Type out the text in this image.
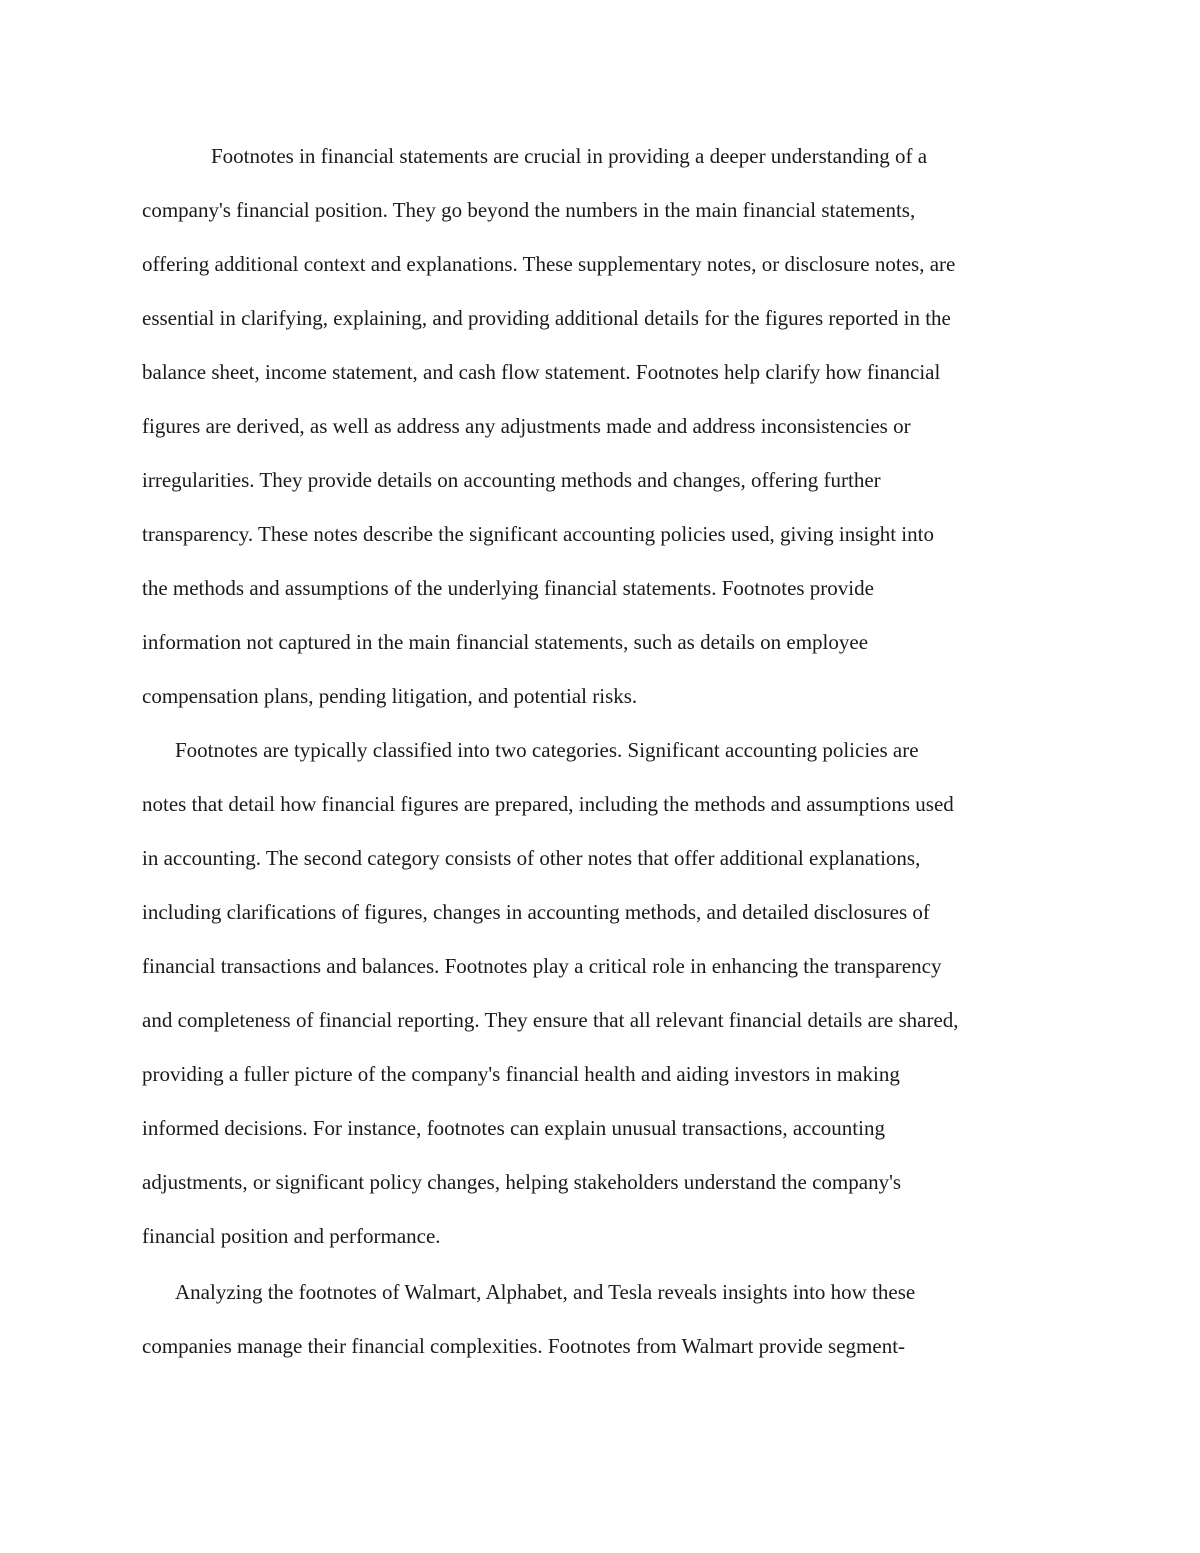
Footnotes in financial statements are crucial in providing a deeper understanding of a

company's financial position. They go beyond the numbers in the main financial statements,

offering additional context and explanations. These supplementary notes, or disclosure notes, are

essential in clarifying, explaining, and providing additional details for the figures reported in the

balance sheet, income statement, and cash flow statement. Footnotes help clarify how financial

figures are derived, as well as address any adjustments made and address inconsistencies or

irregularities. They provide details on accounting methods and changes, offering further

transparency. These notes describe the significant accounting policies used, giving insight into

the methods and assumptions of the underlying financial statements. Footnotes provide

information not captured in the main financial statements, such as details on employee

compensation plans, pending litigation, and potential risks.

Footnotes are typically classified into two categories. Significant accounting policies are

notes that detail how financial figures are prepared, including the methods and assumptions used

in accounting. The second category consists of other notes that offer additional explanations,

including clarifications of figures, changes in accounting methods, and detailed disclosures of

financial transactions and balances. Footnotes play a critical role in enhancing the transparency

and completeness of financial reporting. They ensure that all relevant financial details are shared,

providing a fuller picture of the company's financial health and aiding investors in making

informed decisions. For instance, footnotes can explain unusual transactions, accounting

adjustments, or significant policy changes, helping stakeholders understand the company's

financial position and performance.

Analyzing the footnotes of Walmart, Alphabet, and Tesla reveals insights into how these

companies manage their financial complexities. Footnotes from Walmart provide segment-
